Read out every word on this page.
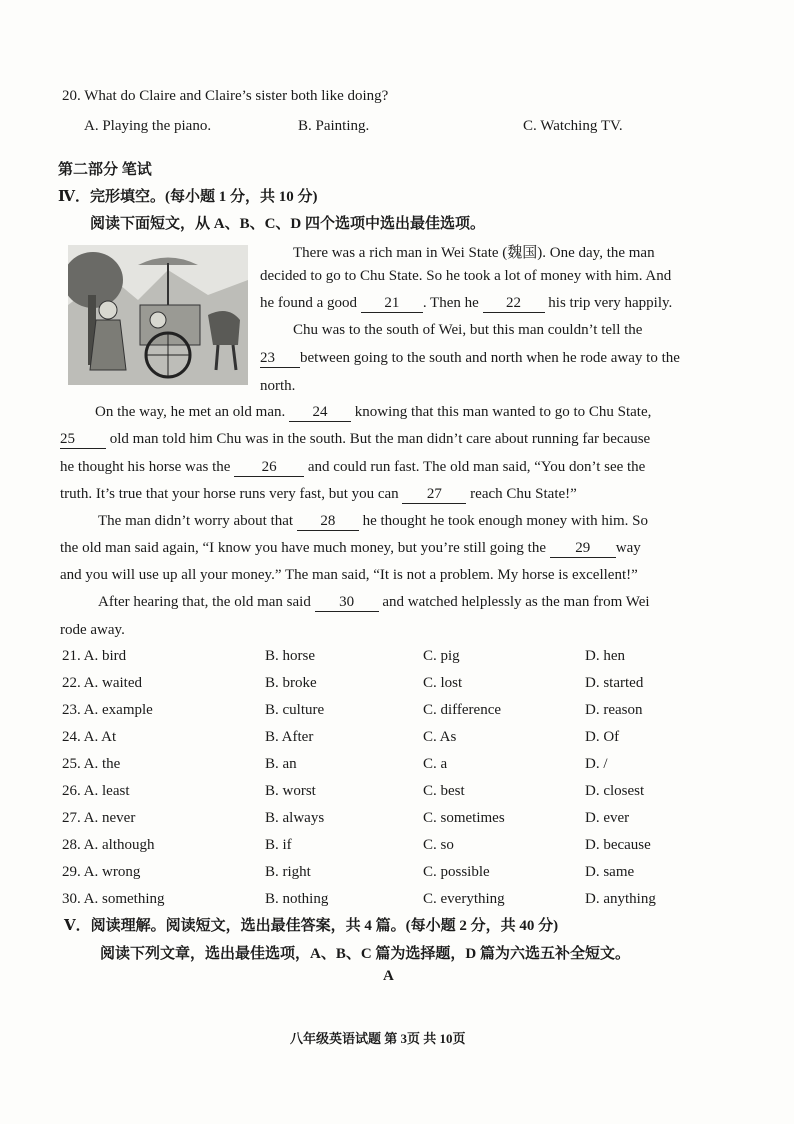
20. What do Claire and Claire’s sister both like doing?
A. Playing the piano.	B. Painting.	C. Watching TV.
第二部分 笔试
Ⅳ．完形填空。(每小题 1 分，共 10 分)
阅读下面短文，从 A、B、C、D 四个选项中选出最佳选项。
There was a rich man in Wei State (魏国). One day, the man
decided to go to Chu State. So he took a lot of money with him. And
he found a good 21 . Then he 22 his trip very happily.
Chu was to the south of Wei, but this man couldn’t tell the
23 between going to the south and north when he rode away to the
north.
On the way, he met an old man. 24 knowing that this man wanted to go to Chu State,
25 old man told him Chu was in the south. But the man didn’t care about running far because
he thought his horse was the 26 and could run fast. The old man said, “You don’t see the
truth. It’s true that your horse runs very fast, but you can 27 reach Chu State!”
The man didn’t worry about that 28 he thought he took enough money with him. So
the old man said again, “I know you have much money, but you’re still going the 29 way
and you will use up all your money.” The man said, “It is not a problem. My horse is excellent!”
After hearing that, the old man said 30 and watched helplessly as the man from Wei
rode away.
21. A. bird	B. horse	C. pig	D. hen
22. A. waited	B. broke	C. lost	D. started
23. A. example	B. culture	C. difference	D. reason
24. A. At	B. After	C. As	D. Of
25. A. the	B. an	C. a	D. /
26. A. least	B. worst	C. best	D. closest
27. A. never	B. always	C. sometimes	D. ever
28. A. although	B. if	C. so	D. because
29. A. wrong	B. right	C. possible	D. same
30. A. something	B. nothing	C. everything	D. anything
Ⅴ．阅读理解。阅读短文，选出最佳答案，共 4 篇。(每小题 2 分，共 40 分)
阅读下列文章，选出最佳选项，A、B、C 篇为选择题，D 篇为六选五补全短文。
A
八年级英语试题 第 3页 共 10页
